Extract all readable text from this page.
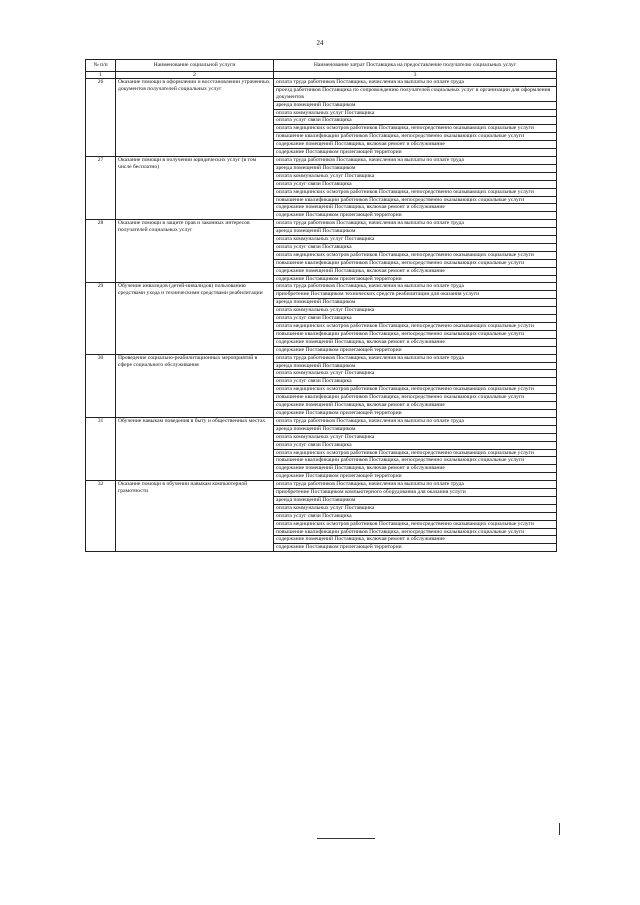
24
№ п/п	Наименование социальной услуги	Наименование затрат Поставщика на предоставление получателю социальных услуг
1	2	3
26	Оказание помощи в оформлении и восстановлении утраченных документов получателей социальных услуг	оплата труда работников Поставщика, начисления на выплаты по оплате труда
		проезд работников Поставщика по сопровождению получателей социальных услуг в организации для оформления документов
		аренда помещений Поставщиком
		оплата коммунальных услуг Поставщика
		оплата услуг связи Поставщика
		оплата медицинских осмотров работников Поставщика, непосредственно оказывающих социальные услуги
		повышение квалификации работников Поставщика, непосредственно оказывающих социальные услуги
		содержание помещений Поставщика, включая ремонт и обслуживание
		содержание Поставщиком прилегающей территории
27	Оказание помощи в получении юридических услуг (в том числе бесплатно)	оплата труда работников Поставщика, начисления на выплаты по оплате труда
		аренда помещений Поставщиком
		оплата коммунальных услуг Поставщика
		оплата услуг связи Поставщика
		оплата медицинских осмотров работников Поставщика, непосредственно оказывающих социальные услуги
		повышение квалификации работников Поставщика, непосредственно оказывающих социальные услуги
		содержание помещений Поставщика, включая ремонт и обслуживание
		содержание Поставщиком прилегающей территории
28	Оказание помощи в защите прав и законных интересов получателей социальных услуг	оплата труда работников Поставщика, начисления на выплаты по оплате труда
		аренда помещений Поставщиком
		оплата коммунальных услуг Поставщика
		оплата услуг связи Поставщика
		оплата медицинских осмотров работников Поставщика, непосредственно оказывающих социальные услуги
		повышение квалификации работников Поставщика, непосредственно оказывающих социальные услуги
		содержание помещений Поставщика, включая ремонт и обслуживание
		содержание Поставщиком прилегающей территории
29	Обучение инвалидов (детей-инвалидов) пользованию средствами ухода и техническими средствами реабилитации	оплата труда работников Поставщика, начисления на выплаты по оплате труда
		приобретение Поставщиком технических средств реабилитации для оказания услуги
		аренда помещений Поставщиком
		оплата коммунальных услуг Поставщика
		оплата услуг связи Поставщика
		оплата медицинских осмотров работников Поставщика, непосредственно оказывающих социальные услуги
		повышение квалификации работников Поставщика, непосредственно оказывающих социальные услуги
		содержание помещений Поставщика, включая ремонт и обслуживание
		содержание Поставщиком прилегающей территории
30	Проведение социально-реабилитационных мероприятий в сфере социального обслуживания	оплата труда работников Поставщика, начисления на выплаты по оплате труда
		аренда помещений Поставщиком
		оплата коммунальных услуг Поставщика
		оплата услуг связи Поставщика
		оплата медицинских осмотров работников Поставщика, непосредственно оказывающих социальные услуги
		повышение квалификации работников Поставщика, непосредственно оказывающих социальные услуги
		содержание помещений Поставщика, включая ремонт и обслуживание
		содержание Поставщиком прилегающей территории
31	Обучение навыкам поведения в быту и общественных местах	оплата труда работников Поставщика, начисления на выплаты по оплате труда
		аренда помещений Поставщиком
		оплата коммунальных услуг Поставщика
		оплата услуг связи Поставщика
		оплата медицинских осмотров работников Поставщика, непосредственно оказывающих социальные услуги
		повышение квалификации работников Поставщика, непосредственно оказывающих социальные услуги
		содержание помещений Поставщика, включая ремонт и обслуживание
		содержание Поставщиком прилегающей территории
32	Оказание помощи в обучении навыкам компьютерной грамотности	оплата труда работников Поставщика, начисления на выплаты по оплате труда
		приобретение Поставщиком компьютерного оборудования для оказания услуги
		аренда помещений Поставщиком
		оплата коммунальных услуг Поставщика
		оплата услуг связи Поставщика
		оплата медицинских осмотров работников Поставщика, непосредственно оказывающих социальные услуги
		повышение квалификации работников Поставщика, непосредственно оказывающих социальные услуги
		содержание помещений Поставщика, включая ремонт и обслуживание
		содержание Поставщиком прилегающей территории
